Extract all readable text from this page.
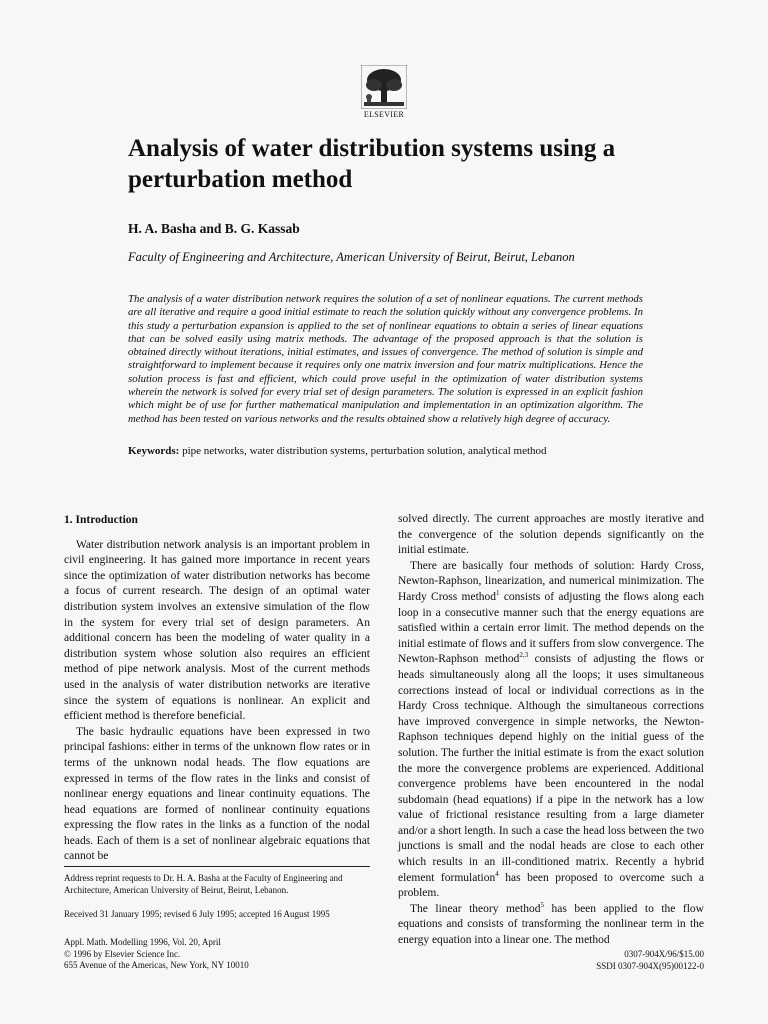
ELSEVIER
Analysis of water distribution systems using a perturbation method
H. A. Basha and B. G. Kassab
Faculty of Engineering and Architecture, American University of Beirut, Beirut, Lebanon

The analysis of a water distribution network requires the solution of a set of nonlinear equations. The current methods are all iterative and require a good initial estimate to reach the solution quickly without any convergence problems. In this study a perturbation expansion is applied to the set of nonlinear equations to obtain a series of linear equations that can be solved easily using matrix methods. The advantage of the proposed approach is that the solution is obtained directly without iterations, initial estimates, and issues of convergence. The method of solution is simple and straightforward to implement because it requires only one matrix inversion and four matrix multiplications. Hence the solution process is fast and efficient, which could prove useful in the optimization of water distribution systems wherein the network is solved for every trial set of design parameters. The solution is expressed in an explicit fashion which might be of use for further mathematical manipulation and implementation in an optimization algorithm. The method has been tested on various networks and the results obtained show a relatively high degree of accuracy.

Keywords: pipe networks, water distribution systems, perturbation solution, analytical method
1. Introduction

Water distribution network analysis is an important problem in civil engineering. It has gained more importance in recent years since the optimization of water distribution networks has become a focus of current research. The design of an optimal water distribution system involves an extensive simulation of the flow in the system for every trial set of design parameters. An additional concern has been the modeling of water quality in a distribution system whose solution also requires an efficient method of pipe network analysis. Most of the current methods used in the analysis of water distribution networks are iterative since the system of equations is nonlinear. An explicit and efficient method is therefore beneficial.

The basic hydraulic equations have been expressed in two principal fashions: either in terms of the unknown flow rates or in terms of the unknown nodal heads. The flow equations are expressed in terms of the flow rates in the links and consist of nonlinear energy equations and linear continuity equations. The head equations are formed of nonlinear continuity equations expressing the flow rates in the links as a function of the nodal heads. Each of them is a set of nonlinear algebraic equations that cannot be

solved directly. The current approaches are mostly iterative and the convergence of the solution depends significantly on the initial estimate.

There are basically four methods of solution: Hardy Cross, Newton-Raphson, linearization, and numerical minimization. The Hardy Cross method$^1$ consists of adjusting the flows along each loop in a consecutive manner such that the energy equations are satisfied within a certain error limit. The method depends on the initial estimate of flows and it suffers from slow convergence. The Newton-Raphson method$^{2,3}$ consists of adjusting the flows or heads simultaneously along all the loops; it uses simultaneous corrections instead of local or individual corrections as in the Hardy Cross technique. Although the simultaneous corrections have improved convergence in simple networks, the Newton-Raphson techniques depend highly on the initial guess of the solution. The further the initial estimate is from the exact solution the more the convergence problems are experienced. Additional convergence problems have been encountered in the nodal subdomain (head equations) if a pipe in the network has a low value of frictional resistance resulting from a large diameter and/or a short length. In such a case the head loss between the two junctions is small and the nodal heads are close to each other which results in an ill-conditioned matrix. Recently a hybrid element formulation$^4$ has been proposed to overcome such a problem.

The linear theory method$^5$ has been applied to the flow equations and consists of transforming the nonlinear term in the energy equation into a linear one. The method

Address reprint requests to Dr. H. A. Basha at the Faculty of Engineering and Architecture, American University of Beirut, Beirut, Lebanon.
Received 31 January 1995; revised 6 July 1995; accepted 16 August 1995
Appl. Math. Modelling 1996, Vol. 20, April
© 1996 by Elsevier Science Inc.
655 Avenue of the Americas, New York, NY 10010
0307-904X/96/$15.00
SSDI 0307-904X(95)00122-0
